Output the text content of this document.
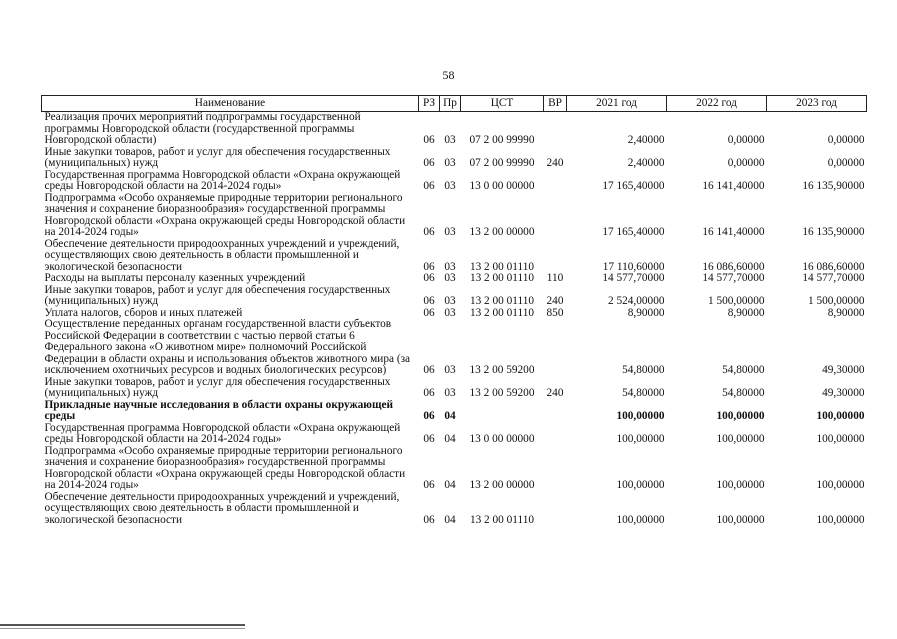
58
Наименование	РЗ	Пр	ЦСТ	ВР	2021 год	2022 год	2023 год
Реализация прочих мероприятий подпрограммы государственной программы Новгородской области (государственной программы Новгородской области)	06	03	07 2 00 99990		2,40000	0,00000	0,00000
Иные закупки товаров, работ и услуг для обеспечения государственных (муниципальных) нужд	06	03	07 2 00 99990	240	2,40000	0,00000	0,00000
Государственная программа Новгородской области «Охрана окружающей среды Новгородской области на 2014-2024 годы»	06	03	13 0 00 00000		17 165,40000	16 141,40000	16 135,90000
Подпрограмма «Особо охраняемые природные территории регионального значения и сохранение биоразнообразия» государственной программы Новгородской области «Охрана окружающей среды Новгородской области на 2014-2024 годы»	06	03	13 2 00 00000		17 165,40000	16 141,40000	16 135,90000
Обеспечение деятельности природоохранных учреждений и учреждений, осуществляющих свою деятельность в области промышленной и экологической безопасности	06	03	13 2 00 01110		17 110,60000	16 086,60000	16 086,60000
Расходы на выплаты персоналу казенных учреждений	06	03	13 2 00 01110	110	14 577,70000	14 577,70000	14 577,70000
Иные закупки товаров, работ и услуг для обеспечения государственных (муниципальных) нужд	06	03	13 2 00 01110	240	2 524,00000	1 500,00000	1 500,00000
Уплата налогов, сборов и иных платежей	06	03	13 2 00 01110	850	8,90000	8,90000	8,90000
Осуществление переданных органам государственной власти субъектов Российской Федерации в соответствии с частью первой статьи 6 Федерального закона «О животном мире» полномочий Российской Федерации в области охраны и использования объектов животного мира (за исключением охотничьих ресурсов и водных биологических ресурсов)	06	03	13 2 00 59200		54,80000	54,80000	49,30000
Иные закупки товаров, работ и услуг для обеспечения государственных (муниципальных) нужд	06	03	13 2 00 59200	240	54,80000	54,80000	49,30000
Прикладные научные исследования в области охраны окружающей среды	06	04			100,00000	100,00000	100,00000
Государственная программа Новгородской области «Охрана окружающей среды Новгородской области на 2014-2024 годы»	06	04	13 0 00 00000		100,00000	100,00000	100,00000
Подпрограмма «Особо охраняемые природные территории регионального значения и сохранение биоразнообразия» государственной программы Новгородской области «Охрана окружающей среды Новгородской области на 2014-2024 годы»	06	04	13 2 00 00000		100,00000	100,00000	100,00000
Обеспечение деятельности природоохранных учреждений и учреждений, осуществляющих свою деятельность в области промышленной и экологической безопасности	06	04	13 2 00 01110		100,00000	100,00000	100,00000
